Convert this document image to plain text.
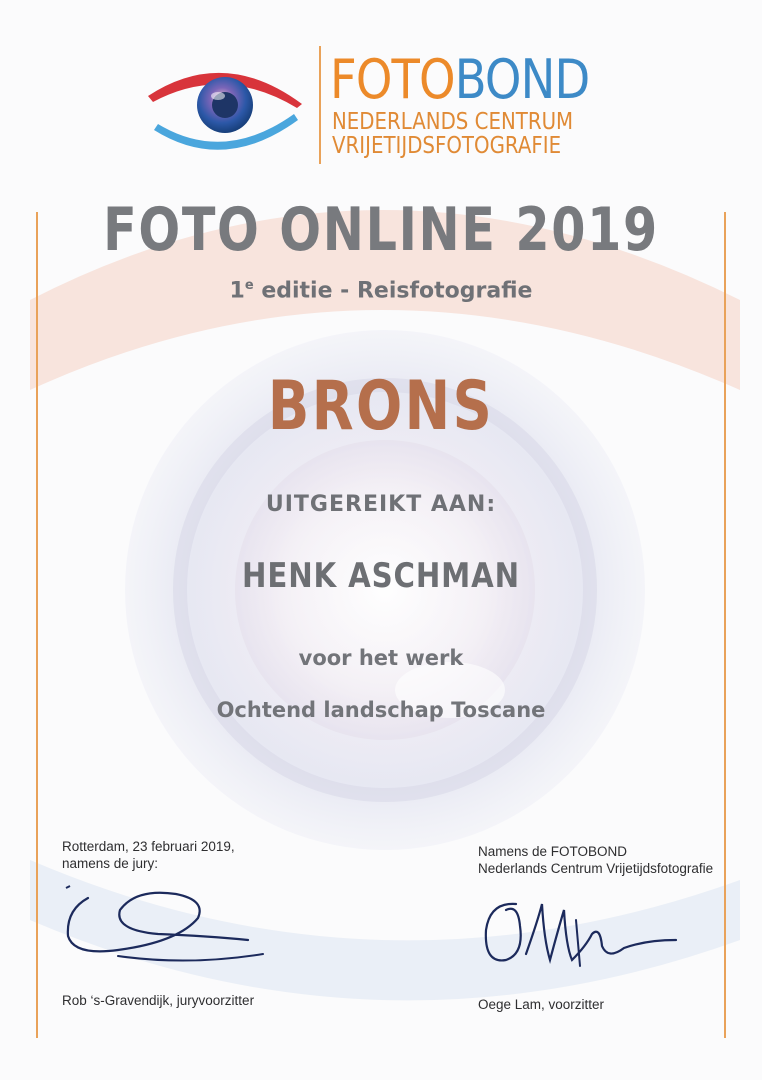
FOTOBOND
NEDERLANDS CENTRUM
VRIJETIJDSFOTOGRAFIE
FOTO ONLINE 2019
1e editie - Reisfotografie
BRONS
UITGEREIKT AAN:
HENK ASCHMAN
voor het werk
Ochtend landschap Toscane
Rotterdam, 23 februari 2019,
namens de jury:
Rob ‘s-Gravendijk, juryvoorzitter
Namens de FOTOBOND
Nederlands Centrum Vrijetijdsfotografie
Oege Lam, voorzitter
